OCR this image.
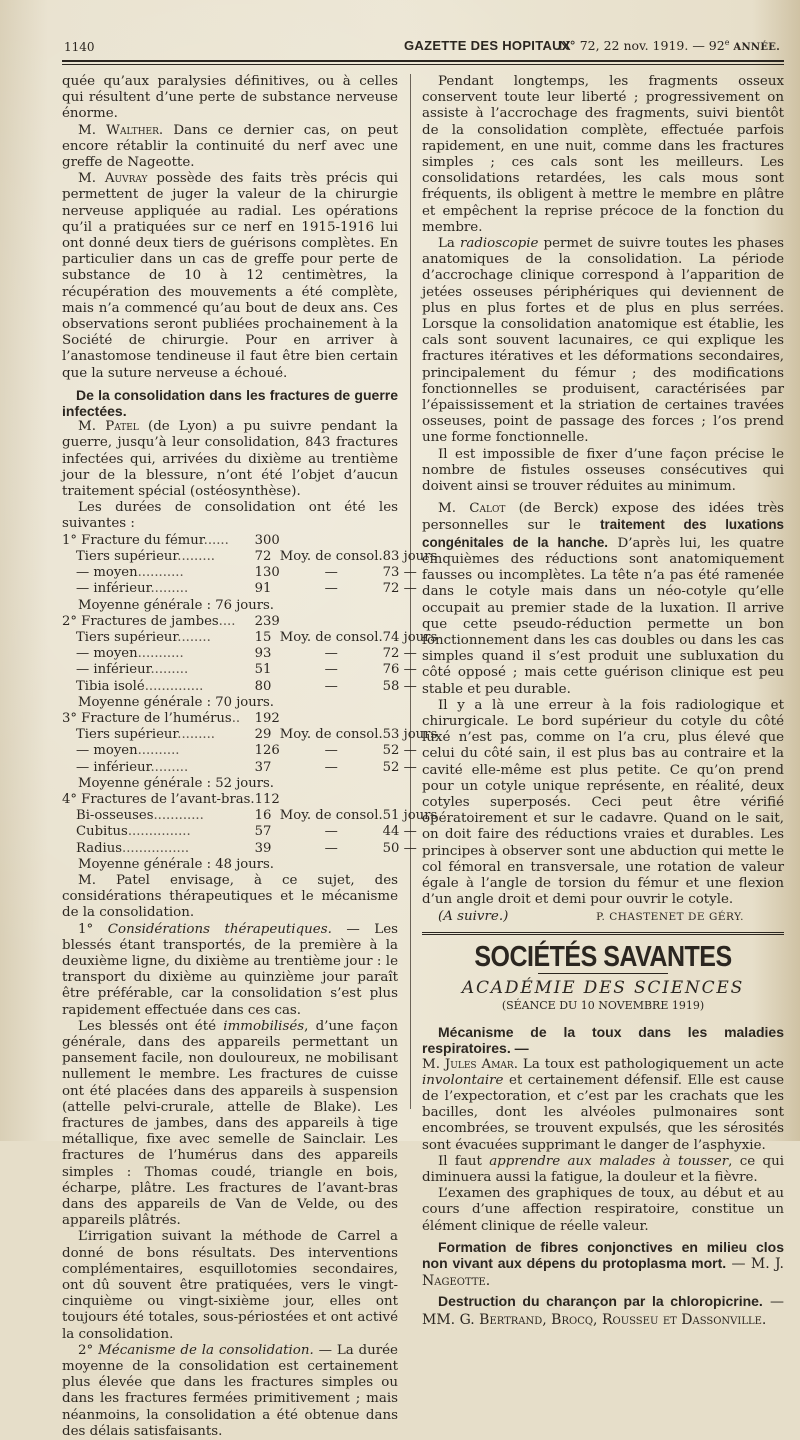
1140	GAZETTE DES HOPITAUX
N° 72, 22 nov. 1919. — 92e ANNÉE.

quée qu’aux paralysies définitives, ou à celles qui résultent d’une perte de substance nerveuse énorme.

M. Walther. Dans ce dernier cas, on peut encore rétablir la continuité du nerf avec une greffe de Nageotte.

M. Auvray possède des faits très précis qui permettent de juger la valeur de la chirurgie nerveuse appliquée au radial. Les opérations qu’il a pratiquées sur ce nerf en 1915-1916 lui ont donné deux tiers de guérisons complètes. En particulier dans un cas de greffe pour perte de substance de 10 à 12 centimètres, la récupération des mouvements a été complète, mais n’a commencé qu’au bout de deux ans. Ces observations seront publiées prochainement à la Société de chirurgie. Pour en arriver à l’anastomose tendineuse il faut être bien certain que la suture nerveuse a échoué.

De la consolidation dans les fractures de guerre infectées.

M. Patel (de Lyon) a pu suivre pendant la guerre, jusqu’à leur consolidation, 843 fractures infectées qui, arrivées du dixième au trentième jour de la blessure, n’ont été l’objet d’aucun traitement spécial (ostéosynthèse).

Les durées de consolidation ont été les suivantes :

1° Fracture du fémur......	300		
Tiers supérieur.........	72	Moy. de consol.	83 jours
— moyen...........	130	—	73 —
— inférieur.........	91	—	72 —
Moyenne générale : 76 jours.			
2° Fractures de jambes....	239		
Tiers supérieur........	15	Moy. de consol.	74 jours
— moyen...........	93	—	72 —
— inférieur.........	51	—	76 —
Tibia isolé..............	80	—	58 —
Moyenne générale : 70 jours.			
3° Fracture de l’humérus..	192		
Tiers supérieur.........	29	Moy. de consol.	53 jours
— moyen..........	126	—	52 —
— inférieur.........	37	—	52 —
Moyenne générale : 52 jours.			
4° Fractures de l’avant-bras.	112		
Bi-osseuses............	16	Moy. de consol.	51 jours
Cubitus...............	57	—	44 —
Radius................	39	—	50 —
Moyenne générale : 48 jours.			

M. Patel envisage, à ce sujet, des considérations thérapeutiques et le mécanisme de la consolidation.

1° Considérations thérapeutiques. — Les blessés étant transportés, de la première à la deuxième ligne, du dixième au trentième jour : le transport du dixième au quinzième jour paraît être préférable, car la consolidation s’est plus rapidement effectuée dans ces cas.

Les blessés ont été immobilisés, d’une façon générale, dans des appareils permettant un pansement facile, non douloureux, ne mobilisant nullement le membre. Les fractures de cuisse ont été placées dans des appareils à suspension (attelle pelvi-crurale, attelle de Blake). Les fractures de jambes, dans des appareils à tige métallique, fixe avec semelle de Sainclair. Les fractures de l’humérus dans des appareils simples : Thomas coudé, triangle en bois, écharpe, plâtre. Les fractures de l’avant-bras dans des appareils de Van de Velde, ou des appareils plâtrés.

L’irrigation suivant la méthode de Carrel a donné de bons résultats. Des interventions complémentaires, esquillotomies secondaires, ont dû souvent être pratiquées, vers le vingt-cinquième ou vingt-sixième jour, elles ont toujours été totales, sous-périostées et ont activé la consolidation.

2° Mécanisme de la consolidation. — La durée moyenne de la consolidation est certainement plus élevée que dans les fractures simples ou dans les fractures fermées primitivement ; mais néanmoins, la consolidation a été obtenue dans des délais satisfaisants.

Pendant longtemps, les fragments osseux conservent toute leur liberté ; progressivement on assiste à l’accrochage des fragments, suivi bientôt de la consolidation complète, effectuée parfois rapidement, en une nuit, comme dans les fractures simples ; ces cals sont les meilleurs. Les consolidations retardées, les cals mous sont fréquents, ils obligent à mettre le membre en plâtre et empêchent la reprise précoce de la fonction du membre.

La radioscopie permet de suivre toutes les phases anatomiques de la consolidation. La période d’accrochage clinique correspond à l’apparition de jetées osseuses périphériques qui deviennent de plus en plus fortes et de plus en plus serrées. Lorsque la consolidation anatomique est établie, les cals sont souvent lacunaires, ce qui explique les fractures itératives et les déformations secondaires, principalement du fémur ; des modifications fonctionnelles se produisent, caractérisées par l’épaississement et la striation de certaines travées osseuses, point de passage des forces ; l’os prend une forme fonctionnelle.

Il est impossible de fixer d’une façon précise le nombre de fistules osseuses consécutives qui doivent ainsi se trouver réduites au minimum.

M. Calot (de Berck) expose des idées très personnelles sur le traitement des luxations congénitales de la hanche. D’après lui, les quatre cinquièmes des réductions sont anatomiquement fausses ou incomplètes. La tête n’a pas été ramenée dans le cotyle mais dans un néo-cotyle qu’elle occupait au premier stade de la luxation. Il arrive que cette pseudo-réduction permette un bon fonctionnement dans les cas doubles ou dans les cas simples quand il s’est produit une subluxation du côté opposé ; mais cette guérison clinique est peu stable et peu durable.

Il y a là une erreur à la fois radiologique et chirurgicale. Le bord supérieur du cotyle du côté luxé n’est pas, comme on l’a cru, plus élevé que celui du côté sain, il est plus bas au contraire et la cavité elle-même est plus petite. Ce qu’on prend pour un cotyle unique représente, en réalité, deux cotyles superposés. Ceci peut être vérifié opératoirement et sur le cadavre. Quand on le sait, on doit faire des réductions vraies et durables. Les principes à observer sont une abduction qui mette le col fémoral en transversale, une rotation de valeur égale à l’angle de torsion du fémur et une flexion d’un angle droit et demi pour ouvrir le cotyle.

(A suivre.)	P. CHASTENET DE GÉRY.
SOCIÉTÉS SAVANTES
ACADÉMIE DES SCIENCES
(SÉANCE DU 10 NOVEMBRE 1919)

Mécanisme de la toux dans les maladies respiratoires. —

M. Jules Amar. La toux est pathologiquement un acte involontaire et certainement défensif. Elle est cause de l’expectoration, et c’est par les crachats que les bacilles, dont les alvéoles pulmonaires sont encombrées, se trouvent expulsés, que les sérosités sont évacuées supprimant le danger de l’asphyxie.

Il faut apprendre aux malades à tousser, ce qui diminuera aussi la fatigue, la douleur et la fièvre.

L’examen des graphiques de toux, au début et au cours d’une affection respiratoire, constitue un élément clinique de réelle valeur.

Formation de fibres conjonctives en milieu clos non vivant aux dépens du protoplasma mort. — M. J. Nageotte.

Destruction du charançon par la chloropicrine. — MM. G. Bertrand, Brocq, Rousseu et Dassonville.
